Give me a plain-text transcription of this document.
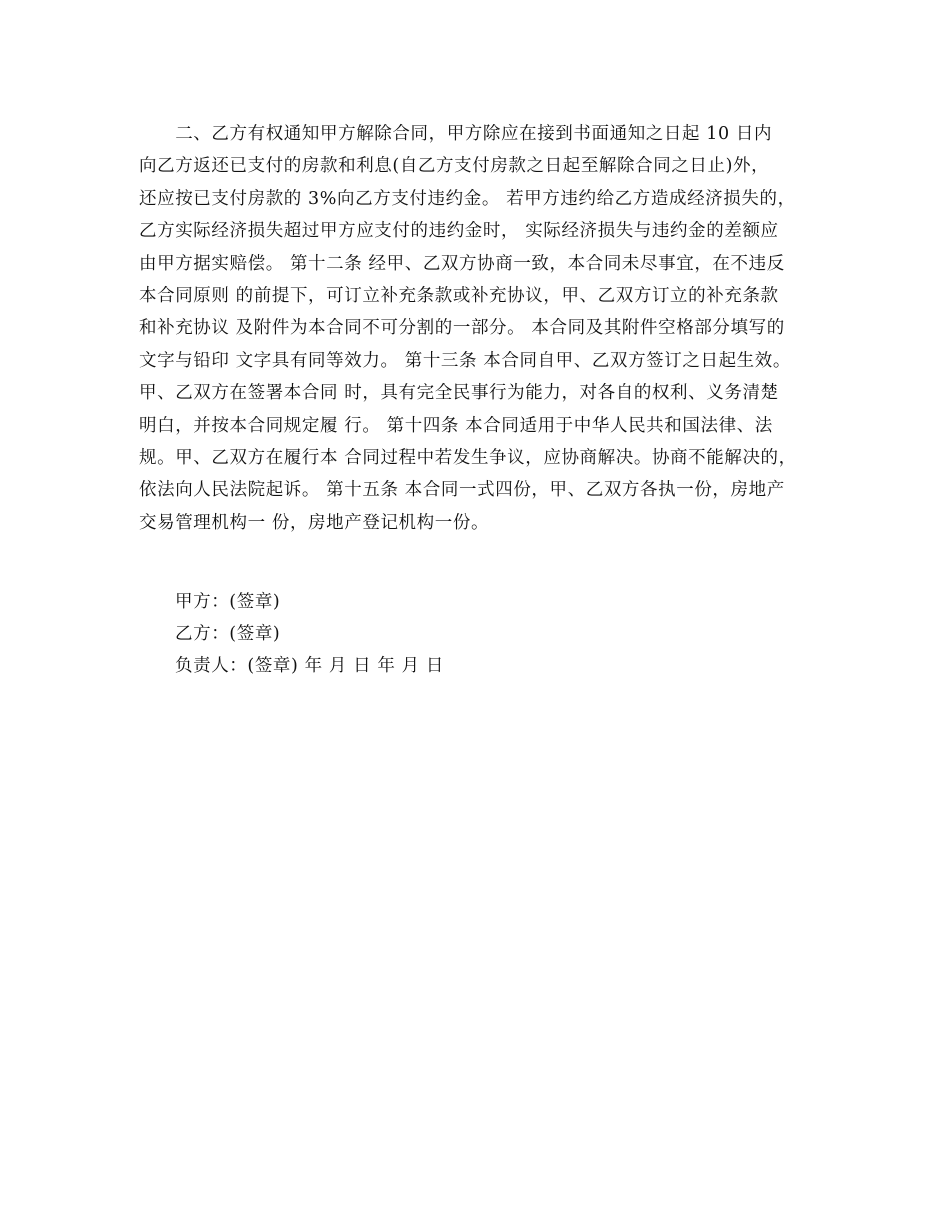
　　二、乙方有权通知甲方解除合同，甲方除应在接到书面通知之日起 10 日内
向乙方返还已支付的房款和利息(自乙方支付房款之日起至解除合同之日止)外，
还应按已支付房款的 3%向乙方支付违约金。 若甲方违约给乙方造成经济损失的，
乙方实际经济损失超过甲方应支付的违约金时， 实际经济损失与违约金的差额应
由甲方据实赔偿。 第十二条 经甲、乙双方协商一致，本合同未尽事宜，在不违反
本合同原则 的前提下，可订立补充条款或补充协议，甲、乙双方订立的补充条款
和补充协议 及附件为本合同不可分割的一部分。 本合同及其附件空格部分填写的
文字与铅印 文字具有同等效力。 第十三条 本合同自甲、乙双方签订之日起生效。
甲、乙双方在签署本合同 时，具有完全民事行为能力，对各自的权利、义务清楚
明白，并按本合同规定履 行。 第十四条 本合同适用于中华人民共和国法律、法
规。甲、乙双方在履行本 合同过程中若发生争议，应协商解决。协商不能解决的，
依法向人民法院起诉。 第十五条 本合同一式四份，甲、乙双方各执一份，房地产
交易管理机构一 份，房地产登记机构一份。

甲方：(签章)

乙方：(签章)

负责人：(签章) 年 月 日 年 月 日
